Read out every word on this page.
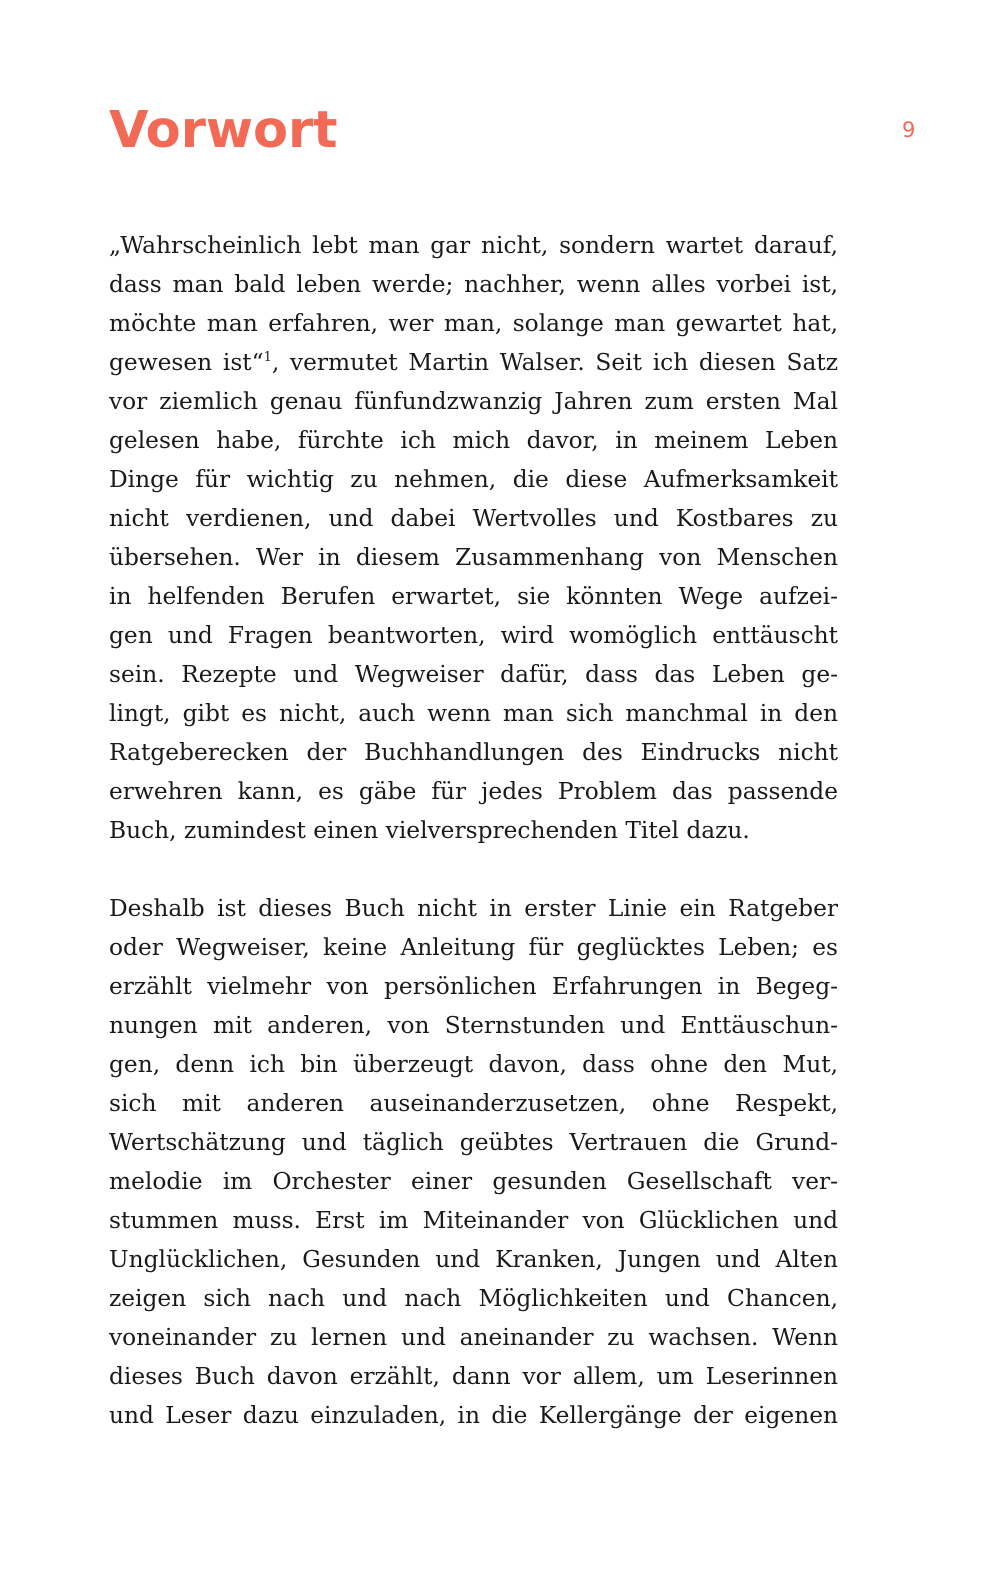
Vorwort	9

„Wahrscheinlich lebt man gar nicht, sondern wartet darauf,
dass man bald leben werde; nachher, wenn alles vorbei ist,
möchte man erfahren, wer man, solange man gewartet hat,
gewesen ist“$^1$, vermutet Martin Walser. Seit ich diesen Satz
vor ziemlich genau fünfundzwanzig Jahren zum ersten Mal
gelesen habe, fürchte ich mich davor, in meinem Leben
Dinge für wichtig zu nehmen, die diese Aufmerksamkeit
nicht verdienen, und dabei Wertvolles und Kostbares zu
übersehen. Wer in diesem Zusammenhang von Menschen
in helfenden Berufen erwartet, sie könnten Wege aufzei-
gen und Fragen beantworten, wird womöglich enttäuscht
sein. Rezepte und Wegweiser dafür, dass das Leben ge-
lingt, gibt es nicht, auch wenn man sich manchmal in den
Ratgeberecken der Buchhandlungen des Eindrucks nicht
erwehren kann, es gäbe für jedes Problem das passende
Buch, zumindest einen vielversprechenden Titel dazu.

Deshalb ist dieses Buch nicht in erster Linie ein Ratgeber
oder Wegweiser, keine Anleitung für geglücktes Leben; es
erzählt vielmehr von persönlichen Erfahrungen in Begeg-
nungen mit anderen, von Sternstunden und Enttäuschun-
gen, denn ich bin überzeugt davon, dass ohne den Mut,
sich mit anderen auseinanderzusetzen, ohne Respekt,
Wertschätzung und täglich geübtes Vertrauen die Grund-
melodie im Orchester einer gesunden Gesellschaft ver-
stummen muss. Erst im Miteinander von Glücklichen und
Unglücklichen, Gesunden und Kranken, Jungen und Alten
zeigen sich nach und nach Möglichkeiten und Chancen,
voneinander zu lernen und aneinander zu wachsen. Wenn
dieses Buch davon erzählt, dann vor allem, um Leserinnen
und Leser dazu einzuladen, in die Kellergänge der eigenen
